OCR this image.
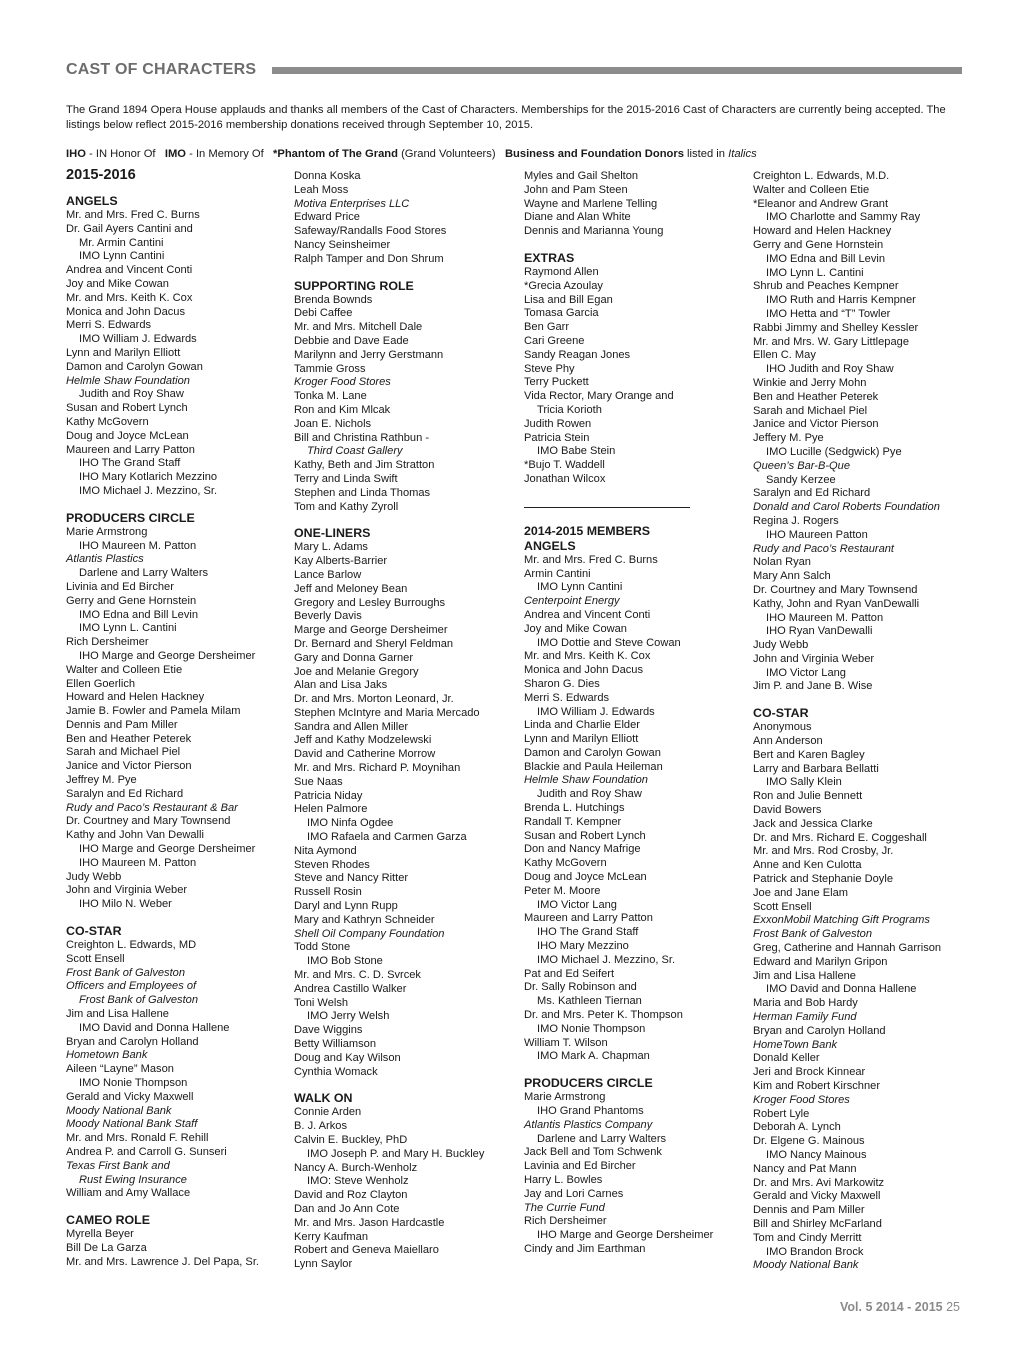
CAST OF CHARACTERS
The Grand 1894 Opera House applauds and thanks all members of the Cast of Characters. Memberships for the 2015-2016 Cast of Characters are currently being accepted. The listings below reflect 2015-2016 membership donations received through September 10, 2015.
IHO - IN Honor Of IMO - In Memory Of *Phantom of The Grand (Grand Volunteers) Business and Foundation Donors listed in Italics
2015-2016
ANGELS
Mr. and Mrs. Fred C. Burns
Dr. Gail Ayers Cantini and
Mr. Armin Cantini
IMO Lynn Cantini
Andrea and Vincent Conti
Joy and Mike Cowan
Mr. and Mrs. Keith K. Cox
Monica and John Dacus
Merri S. Edwards
IMO William J. Edwards
Lynn and Marilyn Elliott
Damon and Carolyn Gowan
Helmle Shaw Foundation
Judith and Roy Shaw
Susan and Robert Lynch
Kathy McGovern
Doug and Joyce McLean
Maureen and Larry Patton
IHO The Grand Staff
IHO Mary Kotlarich Mezzino
IMO Michael J. Mezzino, Sr.
PRODUCERS CIRCLE
Marie Armstrong
IHO Maureen M. Patton
Atlantis Plastics
Darlene and Larry Walters
Livinia and Ed Bircher
Gerry and Gene Hornstein
IMO Edna and Bill Levin
IMO Lynn L. Cantini
Rich Dersheimer
IHO Marge and George Dersheimer
Walter and Colleen Etie
Ellen Goerlich
Howard and Helen Hackney
Jamie B. Fowler and Pamela Milam
Dennis and Pam Miller
Ben and Heather Peterek
Sarah and Michael Piel
Janice and Victor Pierson
Jeffrey M. Pye
Saralyn and Ed Richard
Rudy and Paco’s Restaurant & Bar
Dr. Courtney and Mary Townsend
Kathy and John Van Dewalli
IHO Marge and George Dersheimer
IHO Maureen M. Patton
Judy Webb
John and Virginia Weber
IHO Milo N. Weber
CO-STAR
Creighton L. Edwards, MD
Scott Ensell
Frost Bank of Galveston
Officers and Employees of
Frost Bank of Galveston
Jim and Lisa Hallene
IMO David and Donna Hallene
Bryan and Carolyn Holland
Hometown Bank
Aileen “Layne” Mason
IMO Nonie Thompson
Gerald and Vicky Maxwell
Moody National Bank
Moody National Bank Staff
Mr. and Mrs. Ronald F. Rehill
Andrea P. and Carroll G. Sunseri
Texas First Bank and
Rust Ewing Insurance
William and Amy Wallace
CAMEO ROLE
Myrella Beyer
Bill De La Garza
Mr. and Mrs. Lawrence J. Del Papa, Sr.
Donna Koska
Leah Moss
Motiva Enterprises LLC
Edward Price
Safeway/Randalls Food Stores
Nancy Seinsheimer
Ralph Tamper and Don Shrum
SUPPORTING ROLE
Brenda Bownds
Debi Caffee
Mr. and Mrs. Mitchell Dale
Debbie and Dave Eade
Marilynn and Jerry Gerstmann
Tammie Gross
Kroger Food Stores
Tonka M. Lane
Ron and Kim Mlcak
Joan E. Nichols
Bill and Christina Rathbun -
Third Coast Gallery
Kathy, Beth and Jim Stratton
Terry and Linda Swift
Stephen and Linda Thomas
Tom and Kathy Zyroll
ONE-LINERS
Mary L. Adams
Kay Alberts-Barrier
Lance Barlow
Jeff and Meloney Bean
Gregory and Lesley Burroughs
Beverly Davis
Marge and George Dersheimer
Dr. Bernard and Sheryl Feldman
Gary and Donna Garner
Joe and Melanie Gregory
Alan and Lisa Jaks
Dr. and Mrs. Morton Leonard, Jr.
Stephen McIntyre and Maria Mercado
Sandra and Allen Miller
Jeff and Kathy Modzelewski
David and Catherine Morrow
Mr. and Mrs. Richard P. Moynihan
Sue Naas
Patricia Niday
Helen Palmore
IMO Ninfa Ogdee
IMO Rafaela and Carmen Garza
Nita Aymond
Steven Rhodes
Steve and Nancy Ritter
Russell Rosin
Daryl and Lynn Rupp
Mary and Kathryn Schneider
Shell Oil Company Foundation
Todd Stone
IMO Bob Stone
Mr. and Mrs. C. D. Svrcek
Andrea Castillo Walker
Toni Welsh
IMO Jerry Welsh
Dave Wiggins
Betty Williamson
Doug and Kay Wilson
Cynthia Womack
WALK ON
Connie Arden
B. J. Arkos
Calvin E. Buckley, PhD
IMO Joseph P. and Mary H. Buckley
Nancy A. Burch-Wenholz
IMO: Steve Wenholz
David and Roz Clayton
Dan and Jo Ann Cote
Mr. and Mrs. Jason Hardcastle
Kerry Kaufman
Robert and Geneva Maiellaro
Lynn Saylor
Myles and Gail Shelton
John and Pam Steen
Wayne and Marlene Telling
Diane and Alan White
Dennis and Marianna Young
EXTRAS
Raymond Allen
*Grecia Azoulay
Lisa and Bill Egan
Tomasa Garcia
Ben Garr
Cari Greene
Sandy Reagan Jones
Steve Phy
Terry Puckett
Vida Rector, Mary Orange and
Tricia Korioth
Judith Rowen
Patricia Stein
IMO Babe Stein
*Bujo T. Waddell
Jonathan Wilcox
2014-2015 MEMBERS
ANGELS
Mr. and Mrs. Fred C. Burns
Armin Cantini
IMO Lynn Cantini
Centerpoint Energy
Andrea and Vincent Conti
Joy and Mike Cowan
IMO Dottie and Steve Cowan
Mr. and Mrs. Keith K. Cox
Monica and John Dacus
Sharon G. Dies
Merri S. Edwards
IMO William J. Edwards
Linda and Charlie Elder
Lynn and Marilyn Elliott
Damon and Carolyn Gowan
Blackie and Paula Heileman
Helmle Shaw Foundation
Judith and Roy Shaw
Brenda L. Hutchings
Randall T. Kempner
Susan and Robert Lynch
Don and Nancy Mafrige
Kathy McGovern
Doug and Joyce McLean
Peter M. Moore
IMO Victor Lang
Maureen and Larry Patton
IHO The Grand Staff
IHO Mary Mezzino
IMO Michael J. Mezzino, Sr.
Pat and Ed Seifert
Dr. Sally Robinson and
Ms. Kathleen Tiernan
Dr. and Mrs. Peter K. Thompson
IMO Nonie Thompson
William T. Wilson
IMO Mark A. Chapman
PRODUCERS CIRCLE
Marie Armstrong
IHO Grand Phantoms
Atlantis Plastics Company
Darlene and Larry Walters
Jack Bell and Tom Schwenk
Lavinia and Ed Bircher
Harry L. Bowles
Jay and Lori Carnes
The Currie Fund
Rich Dersheimer
IHO Marge and George Dersheimer
Cindy and Jim Earthman
Creighton L. Edwards, M.D.
Walter and Colleen Etie
*Eleanor and Andrew Grant
IMO Charlotte and Sammy Ray
Howard and Helen Hackney
Gerry and Gene Hornstein
IMO Edna and Bill Levin
IMO Lynn L. Cantini
Shrub and Peaches Kempner
IMO Ruth and Harris Kempner
IMO Hetta and “T” Towler
Rabbi Jimmy and Shelley Kessler
Mr. and Mrs. W. Gary Littlepage
Ellen C. May
IHO Judith and Roy Shaw
Winkie and Jerry Mohn
Ben and Heather Peterek
Sarah and Michael Piel
Janice and Victor Pierson
Jeffery M. Pye
IMO Lucille (Sedgwick) Pye
Queen’s Bar-B-Que
Sandy Kerzee
Saralyn and Ed Richard
Donald and Carol Roberts Foundation
Regina J. Rogers
IHO Maureen Patton
Rudy and Paco’s Restaurant
Nolan Ryan
Mary Ann Salch
Dr. Courtney and Mary Townsend
Kathy, John and Ryan VanDewalli
IHO Maureen M. Patton
IHO Ryan VanDewalli
Judy Webb
John and Virginia Weber
IMO Victor Lang
Jim P. and Jane B. Wise
CO-STAR
Anonymous
Ann Anderson
Bert and Karen Bagley
Larry and Barbara Bellatti
IMO Sally Klein
Ron and Julie Bennett
David Bowers
Jack and Jessica Clarke
Dr. and Mrs. Richard E. Coggeshall
Mr. and Mrs. Rod Crosby, Jr.
Anne and Ken Culotta
Patrick and Stephanie Doyle
Joe and Jane Elam
Scott Ensell
ExxonMobil Matching Gift Programs
Frost Bank of Galveston
Greg, Catherine and Hannah Garrison
Edward and Marilyn Gripon
Jim and Lisa Hallene
IMO David and Donna Hallene
Maria and Bob Hardy
Herman Family Fund
Bryan and Carolyn Holland
HomeTown Bank
Donald Keller
Jeri and Brock Kinnear
Kim and Robert Kirschner
Kroger Food Stores
Robert Lyle
Deborah A. Lynch
Dr. Elgene G. Mainous
IMO Nancy Mainous
Nancy and Pat Mann
Dr. and Mrs. Avi Markowitz
Gerald and Vicky Maxwell
Dennis and Pam Miller
Bill and Shirley McFarland
Tom and Cindy Merritt
IMO Brandon Brock
Moody National Bank
Vol. 5 2014 - 2015 25
